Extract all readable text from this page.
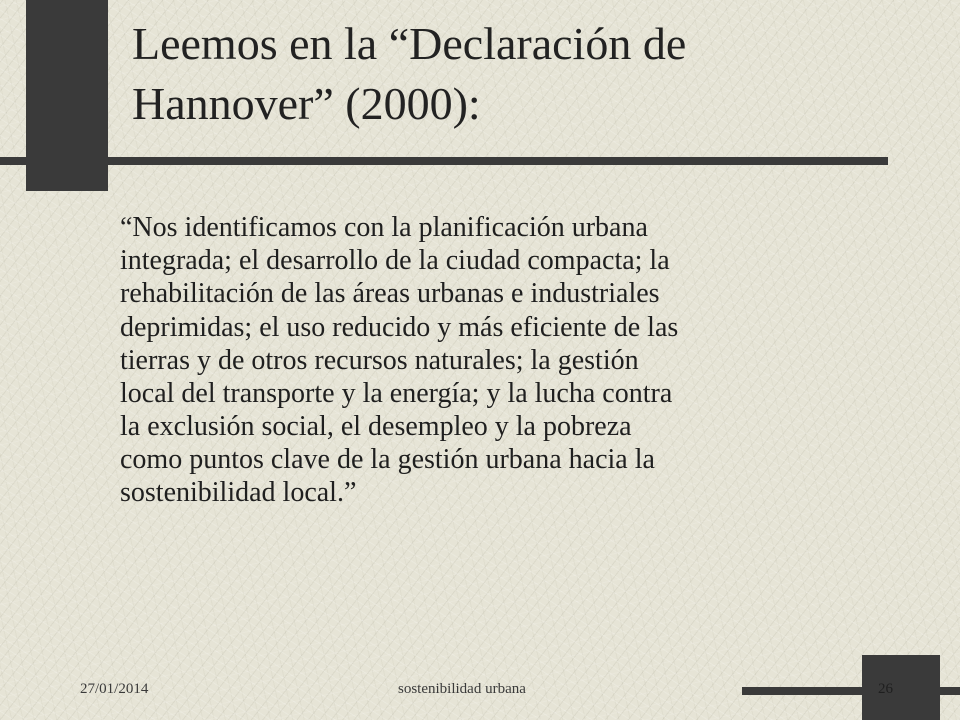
Leemos en la “Declaración de
Hannover” (2000):
“Nos identificamos con la planificación urbana
integrada; el desarrollo de la ciudad compacta; la
rehabilitación de las áreas urbanas e industriales
deprimidas; el uso reducido y más eficiente de las
tierras y de otros recursos naturales; la gestión
local del transporte y la energía; y la lucha contra
la exclusión social, el desempleo y la pobreza
como puntos clave de la gestión urbana hacia la
sostenibilidad local.”
27/01/2014	sostenibilidad urbana	26
